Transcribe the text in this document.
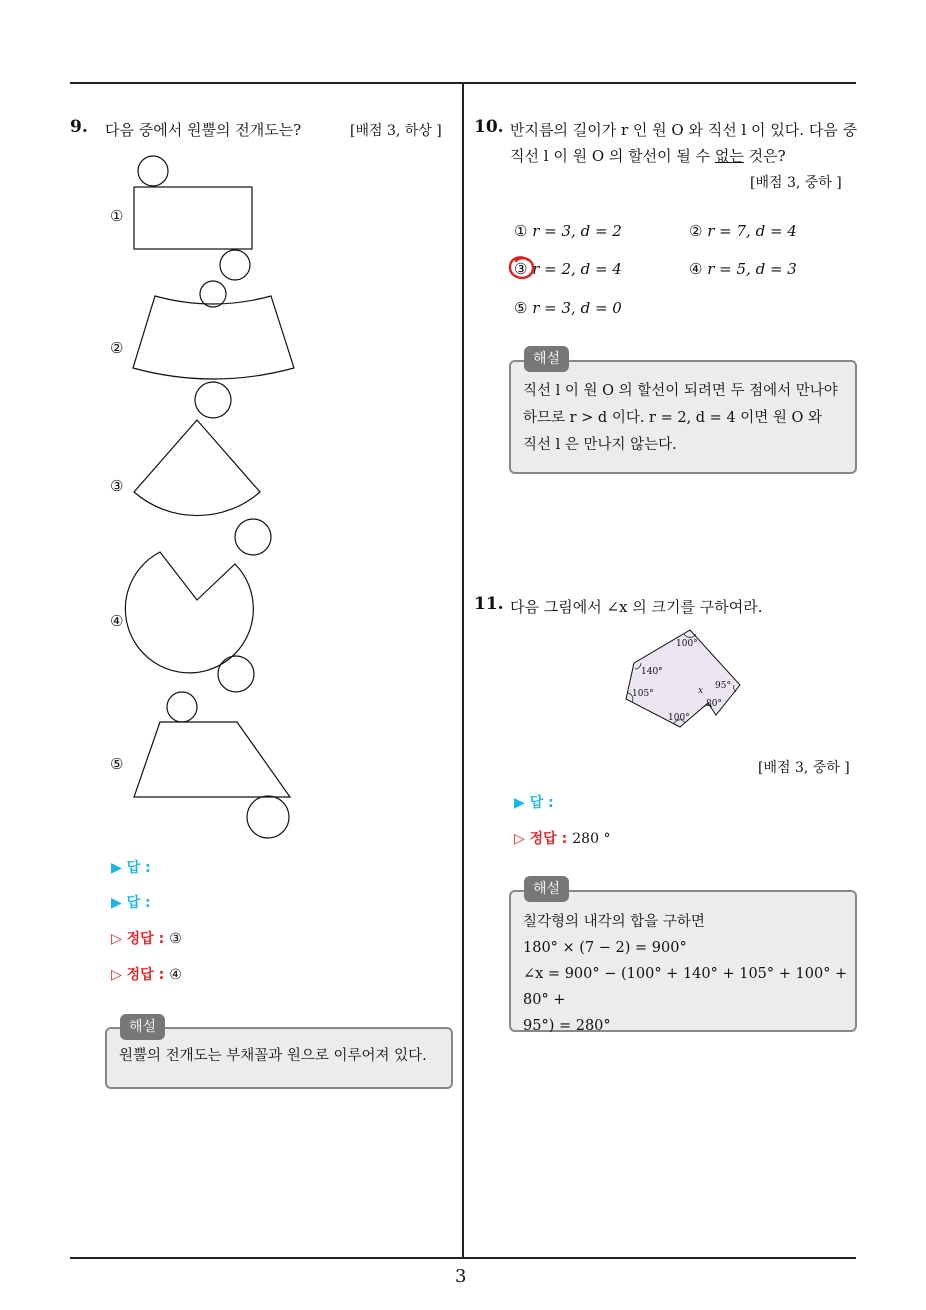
3
9. 다음 중에서 원뿔의 전개도는?	[배점 3, 하상 ]
①
②
③
④
⑤
▶ 답 :
▶ 답 :
▷ 정답 : ③
▷ 정답 : ④
원뿔의 전개도는 부채꼴과 원으로 이루어져 있다.
해설
10. 반지름의 길이가 r 인 원 O 와 직선 l 이 있다. 다음 중
직선 l 이 원 O 의 할선이 될 수 없는 것은?
[배점 3, 중하 ]
① r = 3, d = 2	② r = 7, d = 4
③ r = 2, d = 4	④ r = 5, d = 3
⑤ r = 3, d = 0
직선 l 이 원 O 의 할선이 되려면 두 점에서 만나야
하므로 r > d 이다. r = 2, d = 4 이면 원 O 와
직선 l 은 만나지 않는다.
해설
11. 다음 그림에서 ∠x 의 크기를 구하여라.
100°
140°
105°
100°
80°
95°
x
[배점 3, 중하 ]
▶ 답 :
▷ 정답 : 280 °
칠각형의 내각의 합을 구하면
180° × (7 − 2) = 900°
∠x = 900° − (100° + 140° + 105° + 100° + 80° +
95°) = 280°
해설
